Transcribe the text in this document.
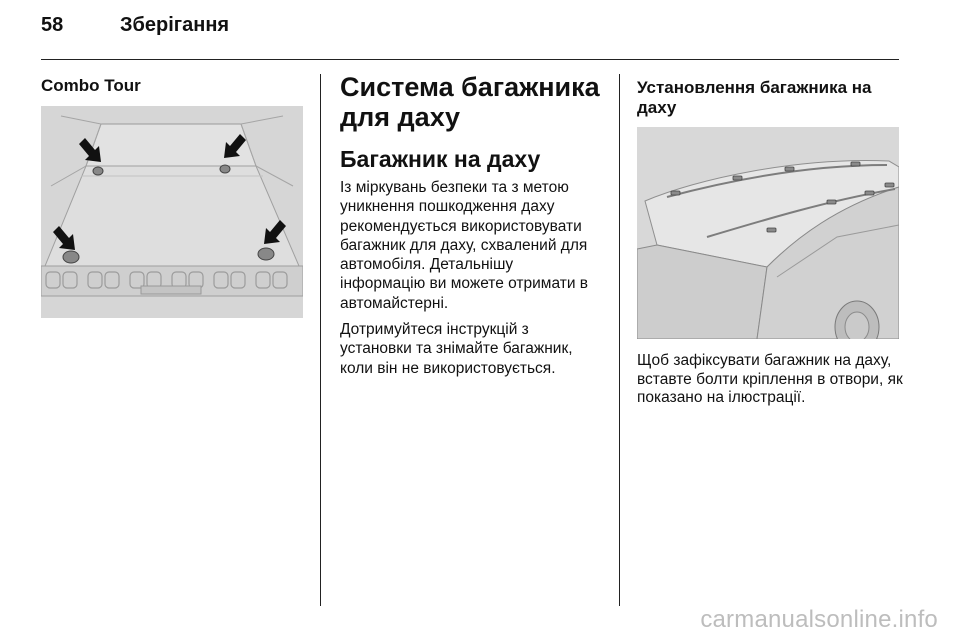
58	Зберігання
Combo Tour	Система багажника для даху
Багажник на даху

Із міркувань безпеки та з метою уникнення пошкодження даху рекомендується використовувати багажник для даху, схвалений для автомобіля. Детальнішу інформацію ви можете отримати в автомайстерні.

Дотримуйтеся інструкцій з установки та знімайте багажник, коли він не використовується.

Установлення багажника на даху

Щоб зафіксувати багажник на даху, вставте болти кріплення в отвори, як показано на ілюстрації.

carmanualsonline.info
